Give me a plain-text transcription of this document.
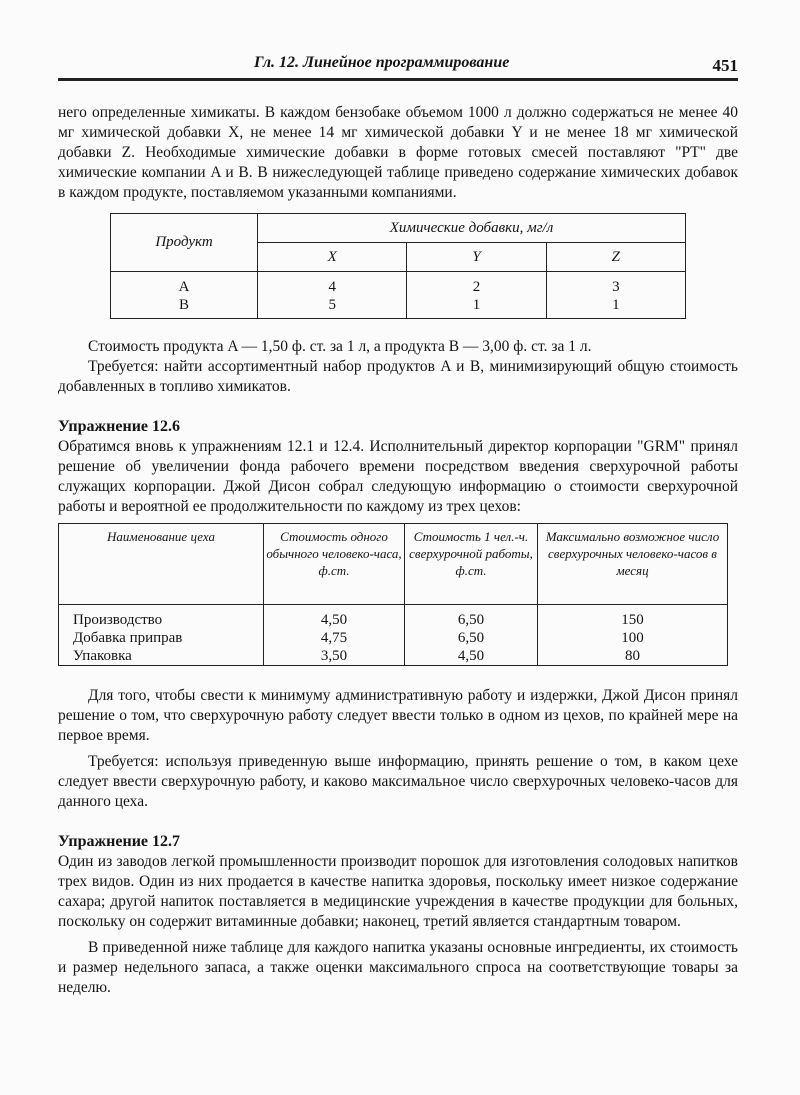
Гл. 12. Линейное программирование	451

него определенные химикаты. В каждом бензобаке объемом 1000 л должно содержаться не менее 40 мг химической добавки X, не менее 14 мг химической добавки Y и не менее 18 мг химической добавки Z. Необходимые химические добавки в форме готовых смесей поставляют "PT" две химические компании A и B. В нижеследующей таблице приведено содержание химических добавок в каждом продукте, поставляемом указанными компаниями.

Продукт	Химические добавки, мг/л		
	X	Y	Z
A	4	2	3
B	5	1	1

Стоимость продукта A — 1,50 ф. ст. за 1 л, а продукта B — 3,00 ф. ст. за 1 л.

Требуется: найти ассортиментный набор продуктов A и B, минимизирующий общую стоимость добавленных в топливо химикатов.

Упражнение 12.6

Обратимся вновь к упражнениям 12.1 и 12.4. Исполнительный директор корпорации "GRM" принял решение об увеличении фонда рабочего времени посредством введения сверхурочной работы служащих корпорации. Джой Дисон собрал следующую информацию о стоимости сверхурочной работы и вероятной ее продолжительности по каждому из трех цехов:

Наименование цеха	Стоимость одного обычного человеко-часа, ф.ст.	Стоимость 1 чел.-ч. сверхурочной работы, ф.ст.	Максимально возможное число сверхурочных человеко-часов в месяц
Производство	4,50	6,50	150
Добавка приправ	4,75	6,50	100
Упаковка	3,50	4,50	80

Для того, чтобы свести к минимуму административную работу и издержки, Джой Дисон принял решение о том, что сверхурочную работу следует ввести только в одном из цехов, по крайней мере на первое время.

Требуется: используя приведенную выше информацию, принять решение о том, в каком цехе следует ввести сверхурочную работу, и каково максимальное число сверхурочных человеко-часов для данного цеха.

Упражнение 12.7

Один из заводов легкой промышленности производит порошок для изготовления солодовых напитков трех видов. Один из них продается в качестве напитка здоровья, поскольку имеет низкое содержание сахара; другой напиток поставляется в медицинские учреждения в качестве продукции для больных, поскольку он содержит витаминные добавки; наконец, третий является стандартным товаром.

В приведенной ниже таблице для каждого напитка указаны основные ингредиенты, их стоимость и размер недельного запаса, а также оценки максимального спроса на соответствующие товары за неделю.
